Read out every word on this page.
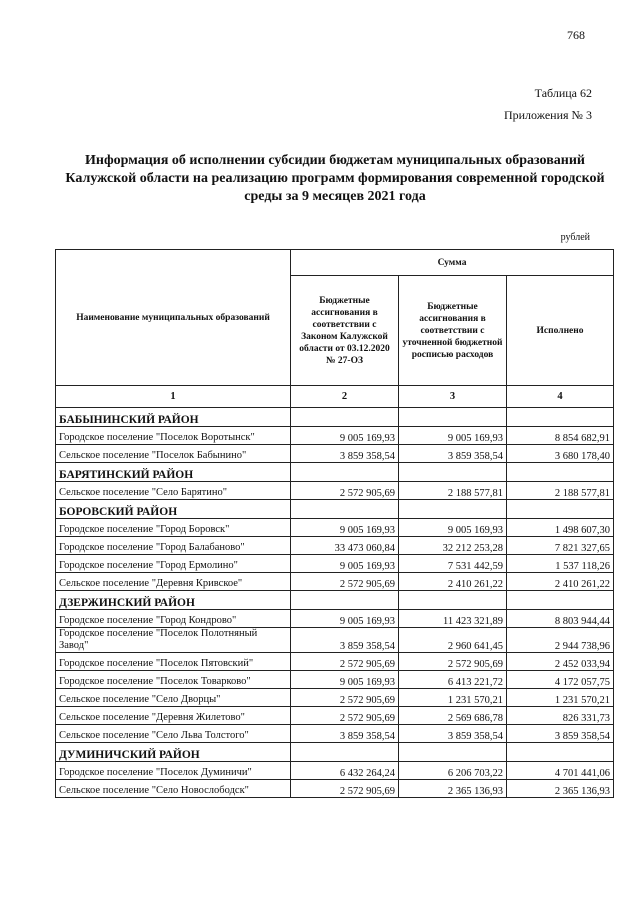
768
Таблица 62
Приложения № 3
Информация об исполнении субсидии бюджетам муниципальных образований Калужской области на реализацию программ формирования современной городской среды за 9 месяцев 2021 года
рублей
Наименование муниципальных образований	Сумма		
	Бюджетные ассигнования в соответствии с Законом Калужской области от 03.12.2020 № 27-ОЗ	Бюджетные ассигнования в соответствии с уточненной бюджетной росписью расходов	Исполнено
1	2	3	4
БАБЫНИНСКИЙ РАЙОН			
Городское поселение "Поселок Воротынск"	9 005 169,93	9 005 169,93	8 854 682,91
Сельское поселение "Поселок Бабынино"	3 859 358,54	3 859 358,54	3 680 178,40
БАРЯТИНСКИЙ РАЙОН			
Сельское поселение "Село Барятино"	2 572 905,69	2 188 577,81	2 188 577,81
БОРОВСКИЙ РАЙОН			
Городское поселение "Город Боровск"	9 005 169,93	9 005 169,93	1 498 607,30
Городское поселение "Город Балабаново"	33 473 060,84	32 212 253,28	7 821 327,65
Городское поселение "Город Ермолино"	9 005 169,93	7 531 442,59	1 537 118,26
Сельское поселение "Деревня Кривское"	2 572 905,69	2 410 261,22	2 410 261,22
ДЗЕРЖИНСКИЙ РАЙОН			
Городское поселение "Город Кондрово"	9 005 169,93	11 423 321,89	8 803 944,44
Городское поселение "Поселок Полотняный Завод"	3 859 358,54	2 960 641,45	2 944 738,96
Городское поселение "Поселок Пятовский"	2 572 905,69	2 572 905,69	2 452 033,94
Городское поселение "Поселок Товарково"	9 005 169,93	6 413 221,72	4 172 057,75
Сельское поселение "Село Дворцы"	2 572 905,69	1 231 570,21	1 231 570,21
Сельское поселение "Деревня Жилетово"	2 572 905,69	2 569 686,78	826 331,73
Сельское поселение "Село Льва Толстого"	3 859 358,54	3 859 358,54	3 859 358,54
ДУМИНИЧСКИЙ РАЙОН			
Городское поселение "Поселок Думиничи"	6 432 264,24	6 206 703,22	4 701 441,06
Сельское поселение "Село Новослободск"	2 572 905,69	2 365 136,93	2 365 136,93
